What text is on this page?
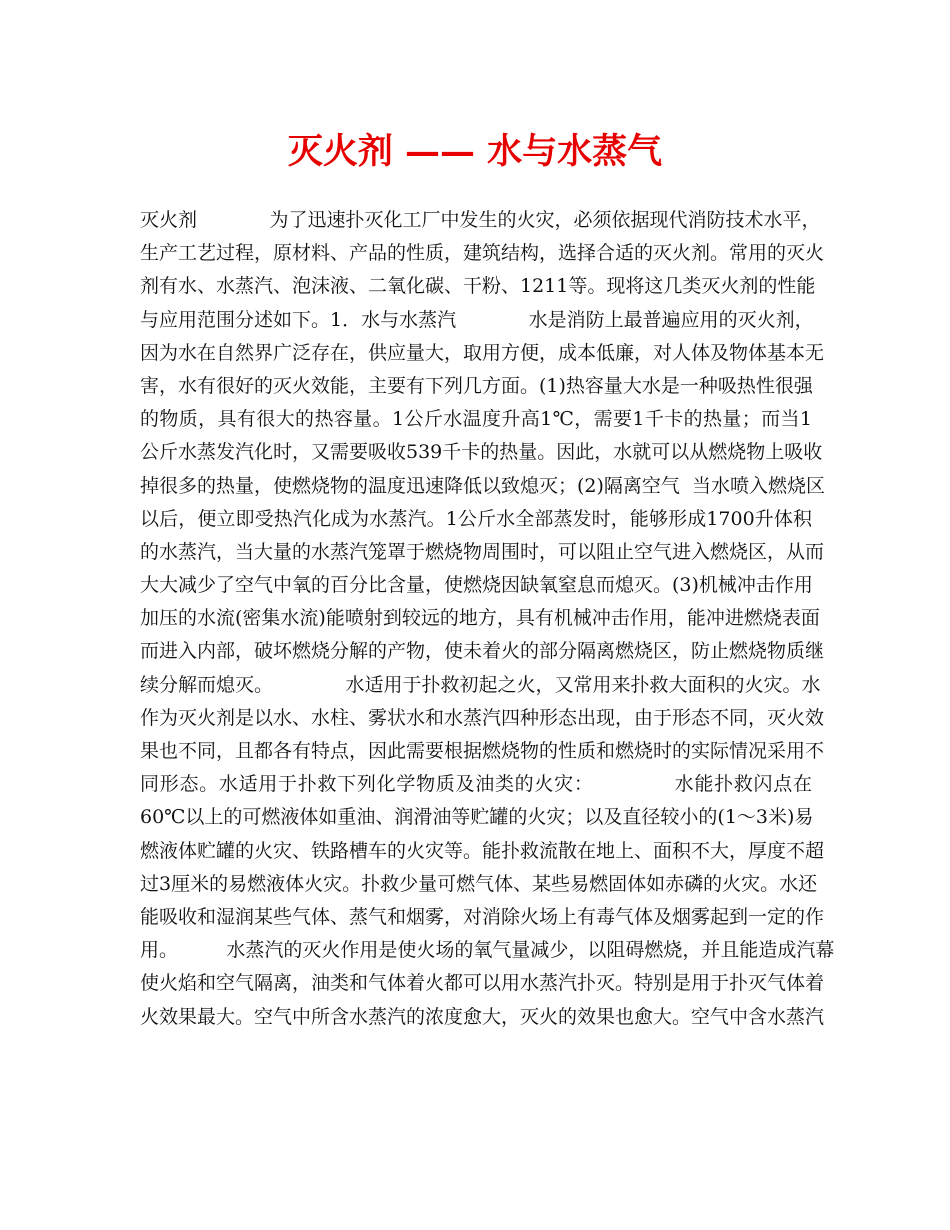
灭火剂 —— 水与水蒸气
灭火剂            为了迅速扑灭化工厂中发生的火灾，必须依据现代消防技术水平，
生产工艺过程，原材料、产品的性质，建筑结构，选择合适的灭火剂。常用的灭火
剂有水、水蒸汽、泡沫液、二氧化碳、干粉、1211等。现将这几类灭火剂的性能
与应用范围分述如下。1．水与水蒸汽            水是消防上最普遍应用的灭火剂，
因为水在自然界广泛存在，供应量大，取用方便，成本低廉，对人体及物体基本无
害，水有很好的灭火效能，主要有下列几方面。(1)热容量大水是一种吸热性很强
的物质，具有很大的热容量。1公斤水温度升高1℃，需要1千卡的热量；而当1
公斤水蒸发汽化时，又需要吸收539千卡的热量。因此，水就可以从燃烧物上吸收
掉很多的热量，使燃烧物的温度迅速降低以致熄灭；(2)隔离空气  当水喷入燃烧区
以后，便立即受热汽化成为水蒸汽。1公斤水全部蒸发时，能够形成1700升体积
的水蒸汽，当大量的水蒸汽笼罩于燃烧物周围时，可以阻止空气进入燃烧区，从而
大大减少了空气中氧的百分比含量，使燃烧因缺氧窒息而熄灭。(3)机械冲击作用
加压的水流(密集水流)能喷射到较远的地方，具有机械冲击作用，能冲进燃烧表面
而进入内部，破坏燃烧分解的产物，使未着火的部分隔离燃烧区，防止燃烧物质继
续分解而熄灭。            水适用于扑救初起之火，又常用来扑救大面积的火灾。水
作为灭火剂是以水、水柱、雾状水和水蒸汽四种形态出现，由于形态不同，灭火效
果也不同，且都各有特点，因此需要根据燃烧物的性质和燃烧时的实际情况采用不
同形态。水适用于扑救下列化学物质及油类的火灾：            水能扑救闪点在
60℃以上的可燃液体如重油、润滑油等贮罐的火灾；以及直径较小的(1～3米)易
燃液体贮罐的火灾、铁路槽车的火灾等。能扑救流散在地上、面积不大，厚度不超
过3厘米的易燃液体火灾。扑救少量可燃气体、某些易燃固体如赤磷的火灾。水还
能吸收和湿润某些气体、蒸气和烟雾，对消除火场上有毒气体及烟雾起到一定的作
用。        水蒸汽的灭火作用是使火场的氧气量减少，以阻碍燃烧，并且能造成汽幕
使火焰和空气隔离，油类和气体着火都可以用水蒸汽扑灭。特别是用于扑灭气体着
火效果最大。空气中所含水蒸汽的浓度愈大，灭火的效果也愈大。空气中含水蒸汽
